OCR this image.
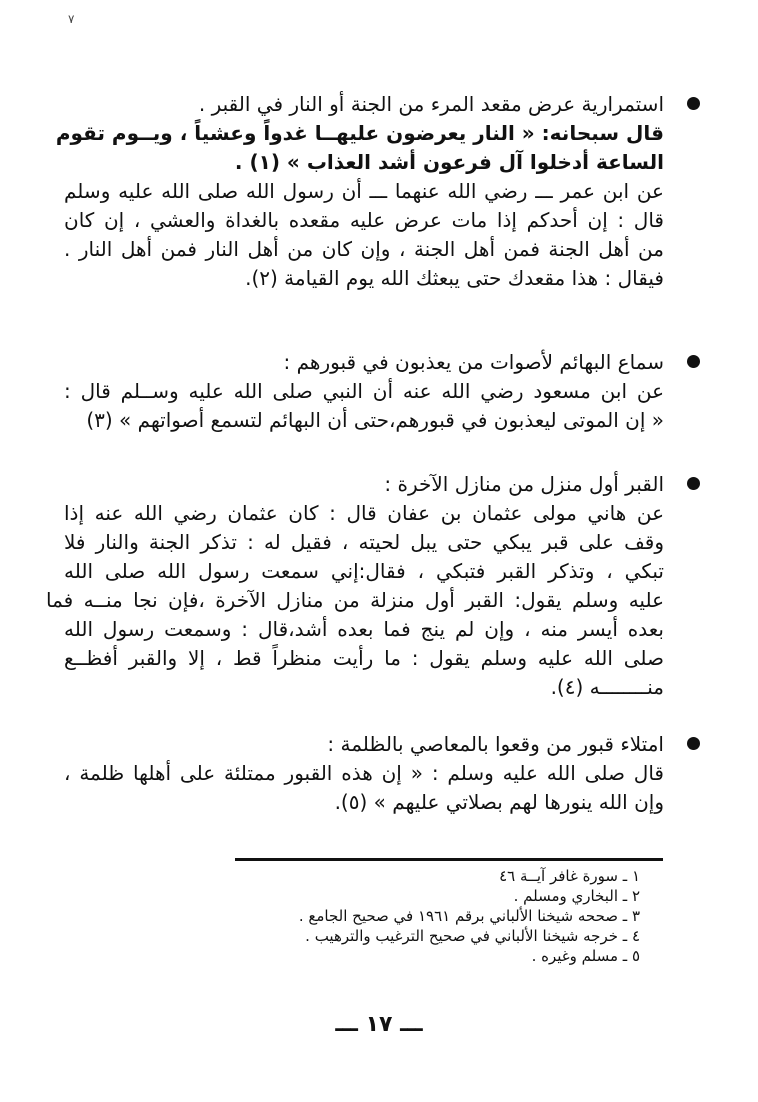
٧
استمرارية عرض مقعد المرء من الجنة أو النار في القبر .
قال سبحانه: « النار يعرضون عليهــا غدواً وعشياً ، ويــوم تقوم
الساعة أدخلوا آل فرعون أشد العذاب » (١) .
عن ابن عمر ـــ رضي الله عنهما ـــ أن رسول الله صلى الله عليه وسلم
قال : إن أحدكم إذا مات عرض عليه مقعده بالغداة والعشي ، إن كان
من أهل الجنة فمن أهل الجنة ، وإن كان من أهل النار فمن أهل النار .
فيقال : هذا مقعدك حتى يبعثك الله يوم القيامة (٢).
سماع البهائم لأصوات من يعذبون في قبورهم :
عن ابن مسعود رضي الله عنه أن النبي صلى الله عليه وســلم قال :
« إن الموتى ليعذبون في قبورهم،حتى أن البهائم لتسمع أصواتهم » (٣)
القبر أول منزل من منازل الآخرة :
عن هاني مولى عثمان بن عفان قال : كان عثمان رضي الله عنه إذا
وقف على قبر يبكي حتى يبل لحيته ، فقيل له : تذكر الجنة والنار فلا
تبكي ، وتذكر القبر فتبكي ، فقال:إني سمعت رسول الله صلى الله
عليه وسلم يقول: القبر أول منزلة من منازل الآخرة ،فإن نجا منــه فما
بعده أيسر منه ، وإن لم ينج فما بعده أشد،قال : وسمعت رسول الله
صلى الله عليه وسلم يقول : ما رأيت منظراً قط ، إلا والقبر أفظــع
منــــــــه (٤).
امتلاء قبور من وقعوا بالمعاصي بالظلمة :
قال صلى الله عليه وسلم : « إن هذه القبور ممتلئة على أهلها ظلمة ،
وإن الله ينورها لهم بصلاتي عليهم » (٥).
١ ـ سورة غافر آيــة ٤٦
٢ ـ البخاري ومسلم .
٣ ـ صححه شيخنا الألباني برقم ١٩٦١ في صحيح الجامع .
٤ ـ خرجه شيخنا الألباني في صحيح الترغيب والترهيب .
٥ ـ مسلم وغيره .
ـــ ١٧ ـــ
